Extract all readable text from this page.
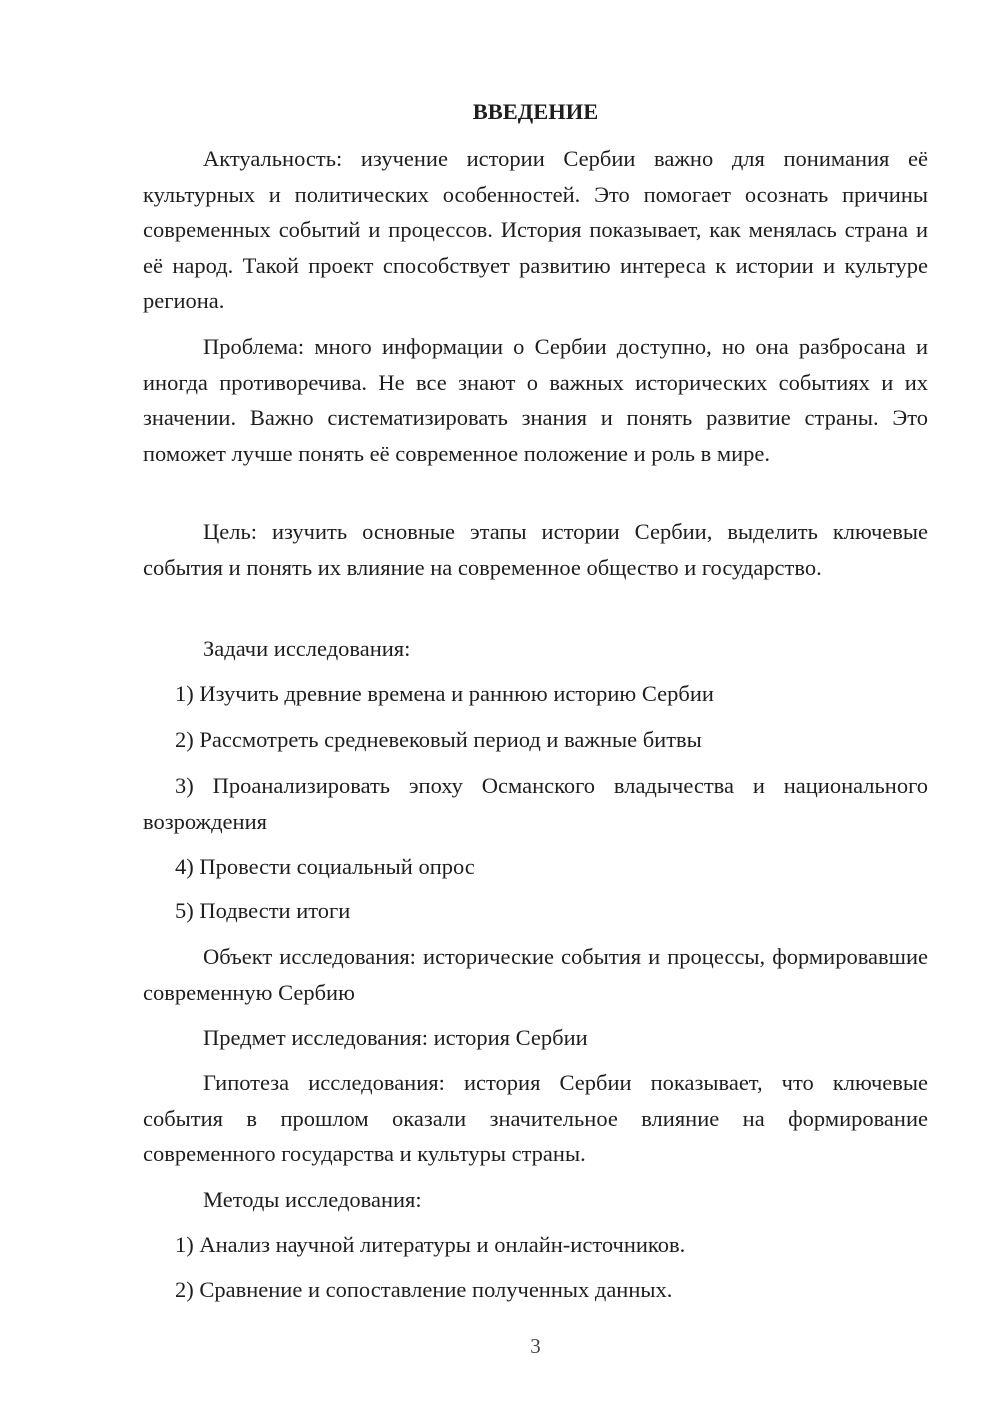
ВВЕДЕНИЕ

Актуальность: изучение истории Сербии важно для понимания её культурных и политических особенностей. Это помогает осознать причины современных событий и процессов. История показывает, как менялась страна и её народ. Такой проект способствует развитию интереса к истории и культуре региона.

Проблема: много информации о Сербии доступно, но она разбросана и иногда противоречива. Не все знают о важных исторических событиях и их значении. Важно систематизировать знания и понять развитие страны. Это поможет лучше понять её современное положение и роль в мире.

Цель: изучить основные этапы истории Сербии, выделить ключевые события и понять их влияние на современное общество и государство.

Задачи исследования:

1) Изучить древние времена и раннюю историю Сербии

2) Рассмотреть средневековый период и важные битвы

3) Проанализировать эпоху Османского владычества и национального возрождения

4) Провести социальный опрос

5) Подвести итоги

Объект исследования: исторические события и процессы, формировавшие современную Сербию

Предмет исследования: история Сербии

Гипотеза исследования: история Сербии показывает, что ключевые события в прошлом оказали значительное влияние на формирование современного государства и культуры страны.

Методы исследования:

1) Анализ научной литературы и онлайн-источников.

2) Сравнение и сопоставление полученных данных.

3
